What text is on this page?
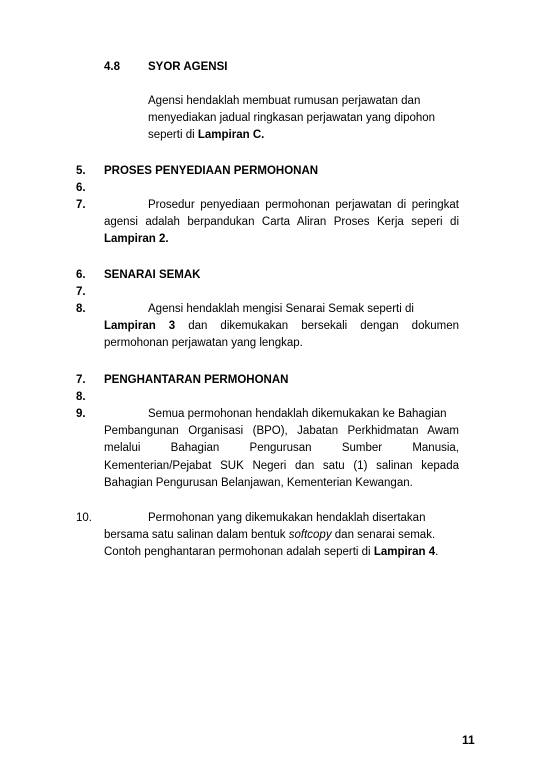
4.8 SYOR AGENSI
Agensi hendaklah membuat rumusan perjawatan dan
menyediakan jadual ringkasan perjawatan yang dipohon
seperti di Lampiran C.
5. PROSES PENYEDIAAN PERMOHONAN
6.
7.	Prosedur penyediaan permohonan perjawatan di peringkat
agensi adalah berpandukan Carta Aliran Proses Kerja seperi di
Lampiran 2.
6. SENARAI SEMAK
7.
8.	Agensi hendaklah mengisi Senarai Semak seperti di
Lampiran 3 dan dikemukakan bersekali dengan dokumen
permohonan perjawatan yang lengkap.
7. PENGHANTARAN PERMOHONAN
8.
9.	Semua permohonan hendaklah dikemukakan ke Bahagian
Pembangunan Organisasi (BPO), Jabatan Perkhidmatan Awam
melalui Bahagian Pengurusan Sumber Manusia,
Kementerian/Pejabat SUK Negeri dan satu (1) salinan kepada
Bahagian Pengurusan Belanjawan, Kementerian Kewangan.
10.	Permohonan yang dikemukakan hendaklah disertakan
bersama satu salinan dalam bentuk softcopy dan senarai semak.
Contoh penghantaran permohonan adalah seperti di Lampiran 4.
11
